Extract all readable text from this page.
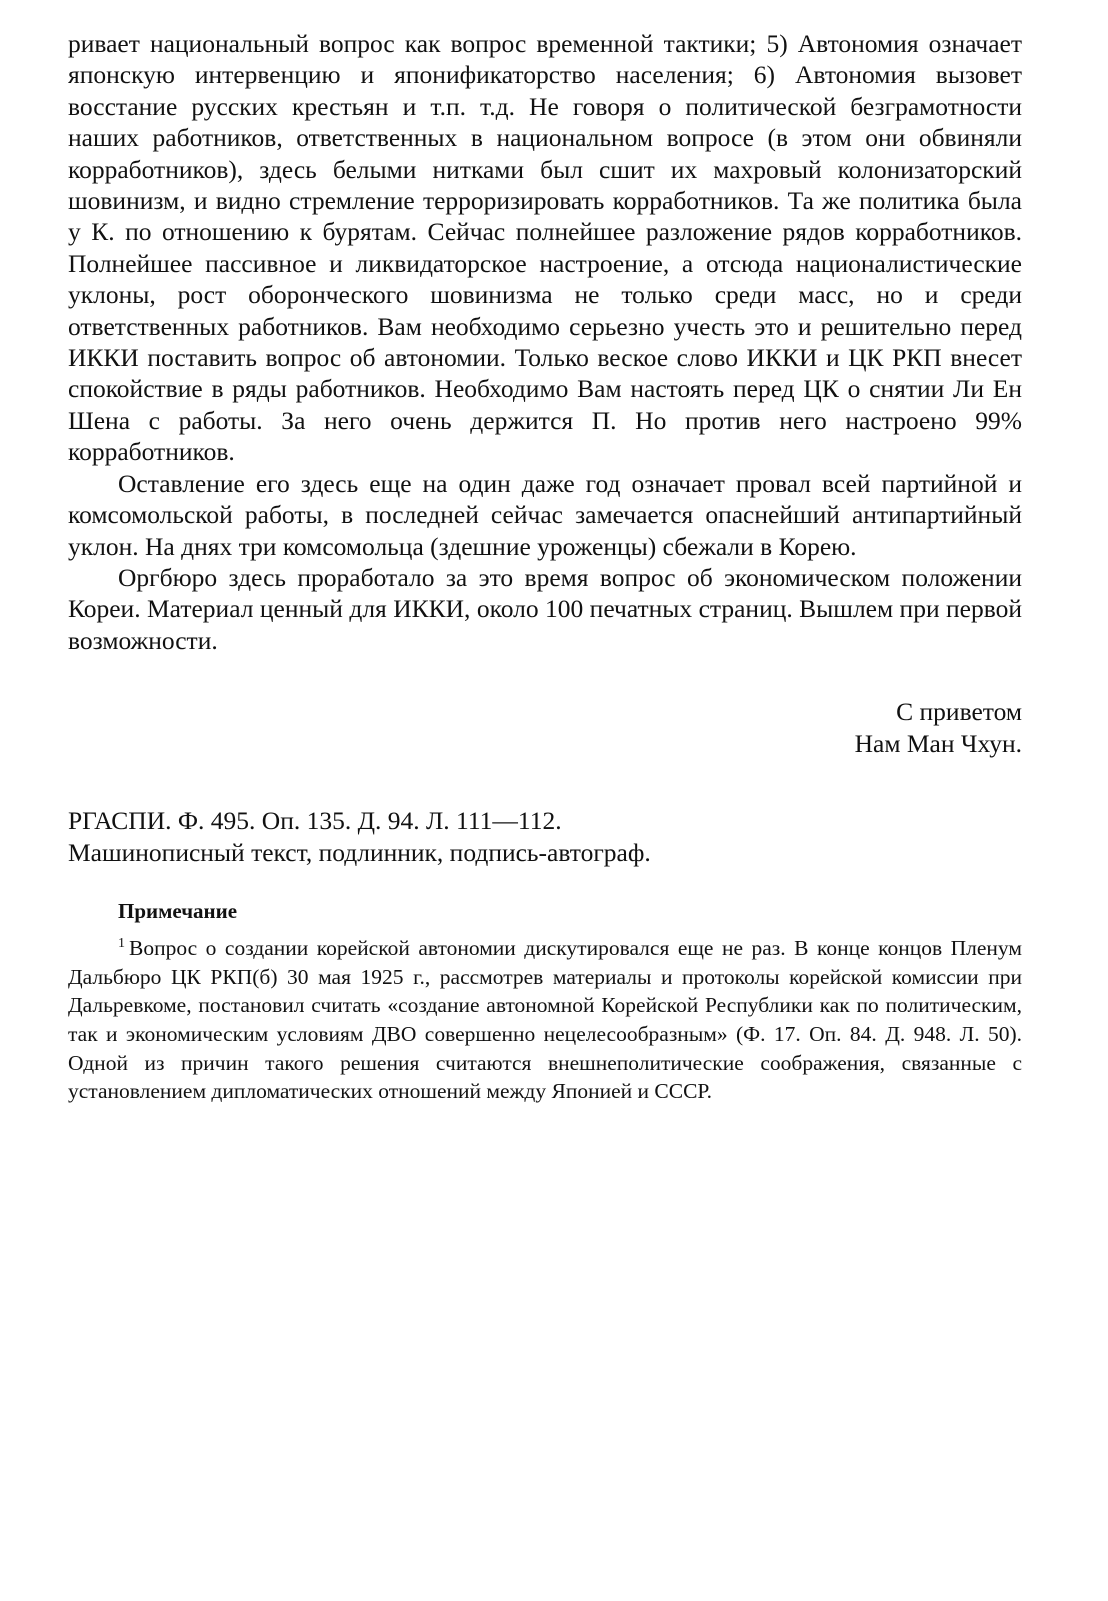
ривает национальный вопрос как вопрос временной тактики; 5) Автономия означает японскую интервенцию и японификаторство населения; 6) Автономия вызовет восстание русских крестьян и т.п. т.д. Не говоря о политической безграмотности наших работников, ответственных в национальном вопросе (в этом они обвиняли корработников), здесь белыми нитками был сшит их махровый колонизаторский шовинизм, и видно стремление терроризировать корработников. Та же политика была у К. по отношению к бурятам. Сейчас полнейшее разложение рядов корработников. Полнейшее пассивное и ликвидаторское настроение, а отсюда националистические уклоны, рост оборонческого шовинизма не только среди масс, но и среди ответственных работников. Вам необходимо серьезно учесть это и решительно перед ИККИ поставить вопрос об автономии. Только веское слово ИККИ и ЦК РКП внесет спокойствие в ряды работников. Необходимо Вам настоять перед ЦК о снятии Ли Ен Шена с работы. За него очень держится П. Но против него настроено 99% корработников.

Оставление его здесь еще на один даже год означает провал всей партийной и комсомольской работы, в последней сейчас замечается опаснейший антипартийный уклон. На днях три комсомольца (здешние уроженцы) сбежали в Корею.

Оргбюро здесь проработало за это время вопрос об экономическом положении Кореи. Материал ценный для ИККИ, около 100 печатных страниц. Вышлем при первой возможности.

С приветом
Нам Ман Чхун.
РГАСПИ. Ф. 495. Оп. 135. Д. 94. Л. 111—112.
Машинописный текст, подлинник, подпись-автограф.
Примечание

$^1$ Вопрос о создании корейской автономии дискутировался еще не раз. В конце концов Пленум Дальбюро ЦК РКП(б) 30 мая 1925 г., рассмотрев материалы и протоколы корейской комиссии при Дальревкоме, постановил считать «создание автономной Корейской Республики как по политическим, так и экономическим условиям ДВО совершенно нецелесообразным» (Ф. 17. Оп. 84. Д. 948. Л. 50). Одной из причин такого решения считаются внешнеполитические соображения, связанные с установлением дипломатических отношений между Японией и СССР.
